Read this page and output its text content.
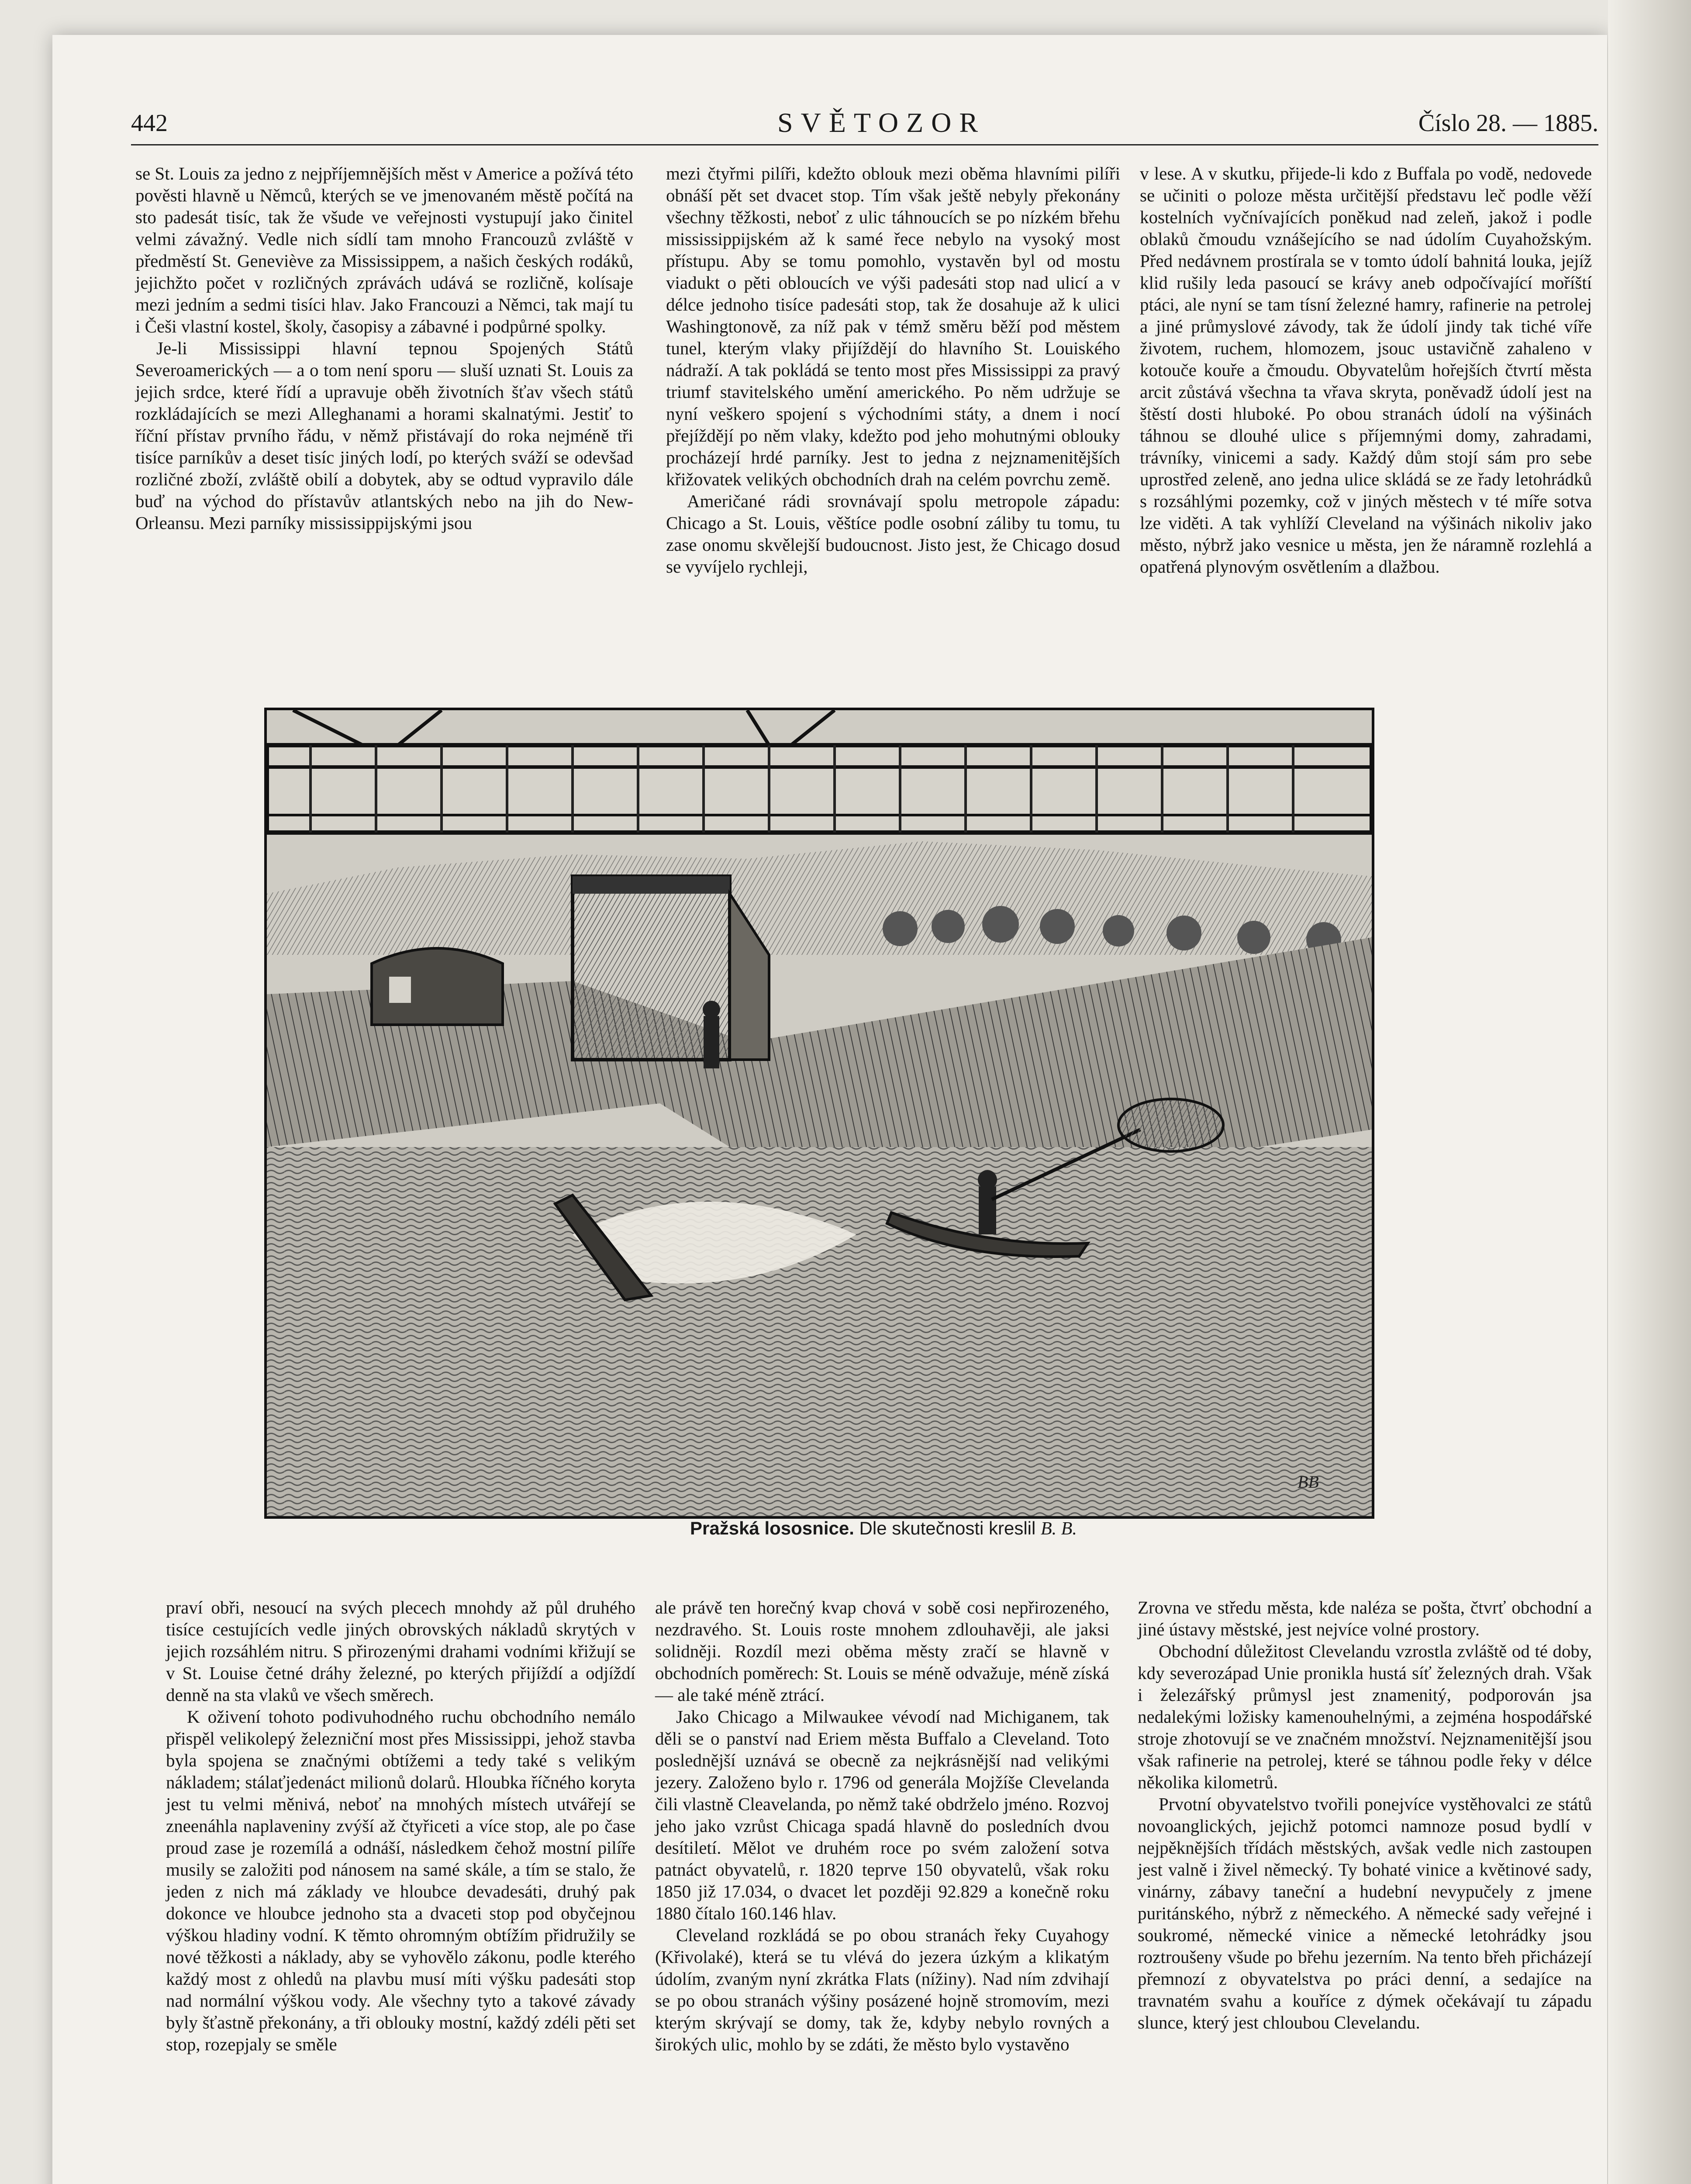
442	SVĚTOZOR	Číslo 28. — 1885.

se St. Louis za jedno z nejpříjemnějších měst v Americe a požívá této pověsti hlavně u Němců, kterých se ve jmenovaném městě počítá na sto padesát tisíc, tak že všude ve veřejnosti vystupují jako činitel velmi závažný. Vedle nich sídlí tam mnoho Francouzů zvláště v předměstí St. Geneviève za Mississippem, a našich českých rodáků, jejichžto počet v rozličných zprávách udává se rozličně, kolísaje mezi jedním a sedmi tisíci hlav. Jako Francouzi a Němci, tak mají tu i Češi vlastní kostel, školy, časopisy a zábavné i podpůrné spolky.

Je-li Mississippi hlavní tepnou Spojených Států Severoamerických — a o tom není sporu — sluší uznati St. Louis za jejich srdce, které řídí a upravuje oběh životních šťav všech států rozkládajících se mezi Alleghanami a horami skalnatými. Jestiť to říční přístav prvního řádu, v němž přistávají do roka nejméně tři tisíce parníkův a deset tisíc jiných lodí, po kterých sváží se odevšad rozličné zboží, zvláště obilí a dobytek, aby se odtud vypravilo dále buď na východ do přístavův atlantských nebo na jih do New-Orleansu. Mezi parníky mississippijskými jsou

mezi čtyřmi pilíři, kdežto oblouk mezi oběma hlavními pilíři obnáší pět set dvacet stop. Tím však ještě nebyly překonány všechny těžkosti, neboť z ulic táhnoucích se po nízkém břehu mississippijském až k samé řece nebylo na vysoký most přístupu. Aby se tomu pomohlo, vystavěn byl od mostu viadukt o pěti obloucích ve výši padesáti stop nad ulicí a v délce jednoho tisíce padesáti stop, tak že dosahuje až k ulici Washingtonově, za níž pak v témž směru běží pod městem tunel, kterým vlaky přijíždějí do hlavního St. Louiského nádraží. A tak pokládá se tento most přes Mississippi za pravý triumf stavitelského umění amerického. Po něm udržuje se nyní veškero spojení s východními státy, a dnem i nocí přejíždějí po něm vlaky, kdežto pod jeho mohutnými oblouky procházejí hrdé parníky. Jest to jedna z nejznamenitějších křižovatek velikých obchodních drah na celém povrchu země.

Američané rádi srovnávají spolu metropole západu: Chicago a St. Louis, věštíce podle osobní záliby tu tomu, tu zase onomu skvělejší budoucnost. Jisto jest, že Chicago dosud se vyvíjelo rychleji,

v lese. A v skutku, přijede-li kdo z Buffala po vodě, nedovede se učiniti o poloze města určitější představu leč podle věží kostelních vyčnívajících poněkud nad zeleň, jakož i podle oblaků čmoudu vznášejícího se nad údolím Cuyahožským. Před nedávnem prostírala se v tomto údolí bahnitá louka, jejíž klid rušily leda pasoucí se krávy aneb odpočívající moříští ptáci, ale nyní se tam tísní železné hamry, rafinerie na petrolej a jiné průmyslové závody, tak že údolí jindy tak tiché víře životem, ruchem, hlomozem, jsouc ustavičně zahaleno v kotouče kouře a čmoudu. Obyvatelům hořejších čtvrtí města arcit zůstává všechna ta vřava skryta, poněvadž údolí jest na štěstí dosti hluboké. Po obou stranách údolí na výšinách táhnou se dlouhé ulice s příjemnými domy, zahradami, trávníky, vinicemi a sady. Každý dům stojí sám pro sebe uprostřed zeleně, ano jedna ulice skládá se ze řady letohrádků s rozsáhlými pozemky, což v jiných městech v té míře sotva lze viděti. A tak vyhlíží Cleveland na výšinách nikoliv jako město, nýbrž jako vesnice u města, jen že náramně rozlehlá a opatřená plynovým osvětlením a dlažbou.

BB
Pražská lososnice. Dle skutečnosti kreslil B. B.

praví obři, nesoucí na svých plecech mnohdy až půl druhého tisíce cestujících vedle jiných obrovských nákladů skrytých v jejich rozsáhlém nitru. S přirozenými drahami vodními křižují se v St. Louise četné dráhy železné, po kterých přijíždí a odjíždí denně na sta vlaků ve všech směrech.

K oživení tohoto podivuhodného ruchu obchodního nemálo přispěl velikolepý železniční most přes Mississippi, jehož stavba byla spojena se značnými obtížemi a tedy také s velikým nákladem; stálaťjedenáct milionů dolarů. Hloubka říčného koryta jest tu velmi měnivá, neboť na mnohých místech utvářejí se zneenáhla naplaveniny zvýší až čtyřiceti a více stop, ale po čase proud zase je rozemílá a odnáší, následkem čehož mostní pilíře musily se založiti pod nánosem na samé skále, a tím se stalo, že jeden z nich má základy ve hloubce devadesáti, druhý pak dokonce ve hloubce jednoho sta a dvaceti stop pod obyčejnou výškou hladiny vodní. K těmto ohromným obtížím přidružily se nové těžkosti a náklady, aby se vyhovělo zákonu, podle kterého každý most z ohledů na plavbu musí míti výšku padesáti stop nad normální výškou vody. Ale všechny tyto a takové závady byly šťastně překonány, a tři oblouky mostní, každý zdéli pěti set stop, rozepjaly se směle

ale právě ten horečný kvap chová v sobě cosi nepřirozeného, nezdravého. St. Louis roste mnohem zdlouhavěji, ale jaksi solidněji. Rozdíl mezi oběma městy zračí se hlavně v obchodních poměrech: St. Louis se méně odvažuje, méně získá — ale také méně ztrácí.

Jako Chicago a Milwaukee vévodí nad Michiganem, tak děli se o panství nad Eriem města Buffalo a Cleveland. Toto poslednější uznává se obecně za nejkrásnější nad velikými jezery. Založeno bylo r. 1796 od generála Mojžíše Clevelanda čili vlastně Cleavelanda, po němž také obdrželo jméno. Rozvoj jeho jako vzrůst Chicaga spadá hlavně do posledních dvou desítiletí. Mělot ve druhém roce po svém založení sotva patnáct obyvatelů, r. 1820 teprve 150 obyvatelů, však roku 1850 již 17.034, o dvacet let později 92.829 a konečně roku 1880 čítalo 160.146 hlav.

Cleveland rozkládá se po obou stranách řeky Cuyahogy (Křivolaké), která se tu vlévá do jezera úzkým a klikatým údolím, zvaným nyní zkrátka Flats (nížiny). Nad ním zdvihají se po obou stranách výšiny posázené hojně stromovím, mezi kterým skrývají se domy, tak že, kdyby nebylo rovných a širokých ulic, mohlo by se zdáti, že město bylo vystavěno

Zrovna ve středu města, kde naléza se pošta, čtvrť obchodní a jiné ústavy městské, jest nejvíce volné prostory.

Obchodní důležitost Clevelandu vzrostla zvláště od té doby, kdy severozápad Unie pronikla hustá síť železných drah. Však i železářský průmysl jest znamenitý, podporován jsa nedalekými ložisky kamenouhelnými, a zejména hospodářské stroje zhotovují se ve značném množství. Nejznamenitější jsou však rafinerie na petrolej, které se táhnou podle řeky v délce několika kilometrů.

Prvotní obyvatelstvo tvořili ponejvíce vystěhovalci ze států novoanglických, jejichž potomci namnoze posud bydlí v nejpěknějších třídách městských, avšak vedle nich zastoupen jest valně i živel německý. Ty bohaté vinice a květinové sady, vinárny, zábavy taneční a hudební nevypučely z jmene puritánského, nýbrž z německého. A německé sady veřejné i soukromé, německé vinice a německé letohrádky jsou roztroušeny všude po břehu jezerním. Na tento břeh přicházejí přemnozí z obyvatelstva po práci denní, a sedajíce na travnatém svahu a kouříce z dýmek očekávají tu západu slunce, který jest chloubou Clevelandu.
